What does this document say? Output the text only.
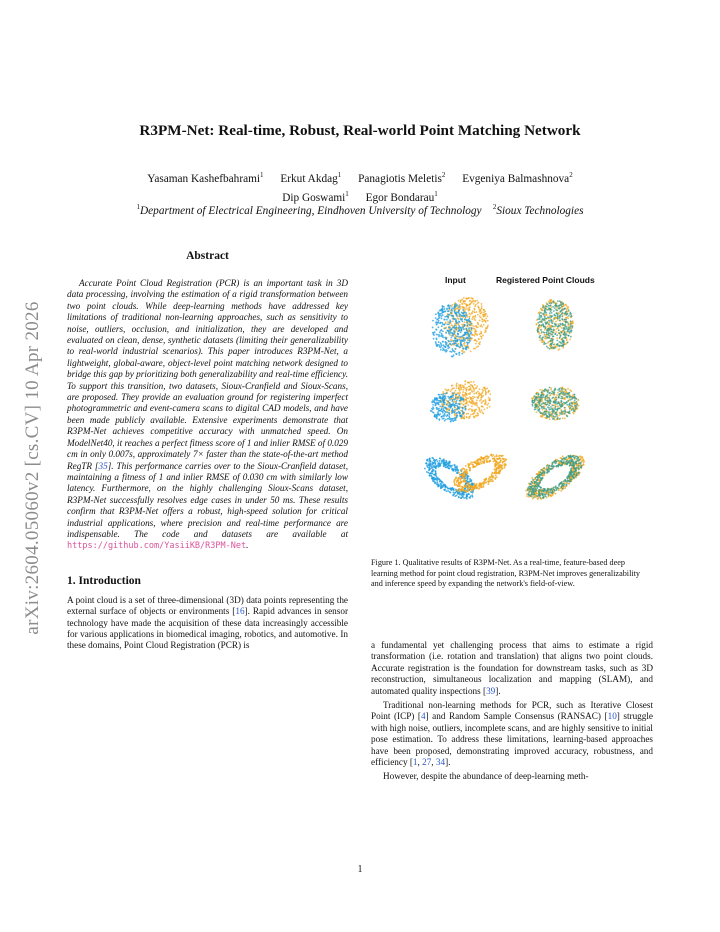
arXiv:2604.05060v2 [cs.CV] 10 Apr 2026
R3PM-Net: Real-time, Robust, Real-world Point Matching Network
Yasaman Kashefbahrami$^1$ Erkut Akdag$^1$ Panagiotis Meletis$^2$ Evgeniya Balmashnova$^2$
Dip Goswami$^1$ Egor Bondarau$^1$
$^1$Department of Electrical Engineering, Eindhoven University of Technology $^2$Sioux Technologies
Abstract

Accurate Point Cloud Registration (PCR) is an important task in 3D data processing, involving the estimation of a rigid transformation between two point clouds. While deep-learning methods have addressed key limitations of traditional non-learning approaches, such as sensitivity to noise, outliers, occlusion, and initialization, they are developed and evaluated on clean, dense, synthetic datasets (limiting their generalizability to real-world industrial scenarios). This paper introduces R3PM-Net, a lightweight, global-aware, object-level point matching network designed to bridge this gap by prioritizing both generalizability and real-time efficiency. To support this transition, two datasets, Sioux-Cranfield and Sioux-Scans, are proposed. They provide an evaluation ground for registering imperfect photogrammetric and event-camera scans to digital CAD models, and have been made publicly available. Extensive experiments demonstrate that R3PM-Net achieves competitive accuracy with unmatched speed. On ModelNet40, it reaches a perfect fitness score of 1 and inlier RMSE of 0.029 cm in only 0.007s, approximately 7× faster than the state-of-the-art method RegTR [35]. This performance carries over to the Sioux-Cranfield dataset, maintaining a fitness of 1 and inlier RMSE of 0.030 cm with similarly low latency. Furthermore, on the highly challenging Sioux-Scans dataset, R3PM-Net successfully resolves edge cases in under 50 ms. These results confirm that R3PM-Net offers a robust, high-speed solution for critical industrial applications, where precision and real-time performance are indispensable. The code and datasets are available at https://github.com/YasiiKB/R3PM-Net.

1. Introduction

A point cloud is a set of three-dimensional (3D) data points representing the external surface of objects or environments [16]. Rapid advances in sensor technology have made the acquisition of these data increasingly accessible for various applications in biomedical imaging, robotics, and automotive. In these domains, Point Cloud Registration (PCR) is

Input	Registered Point Clouds
Figure 1. Qualitative results of R3PM-Net. As a real-time, feature-based deep learning method for point cloud registration, R3PM-Net improves generalizability and inference speed by expanding the network's field-of-view.

a fundamental yet challenging process that aims to estimate a rigid transformation (i.e. rotation and translation) that aligns two point clouds. Accurate registration is the foundation for downstream tasks, such as 3D reconstruction, simultaneous localization and mapping (SLAM), and automated quality inspections [39].

Traditional non-learning methods for PCR, such as Iterative Closest Point (ICP) [4] and Random Sample Consensus (RANSAC) [10] struggle with high noise, outliers, incomplete scans, and are highly sensitive to initial pose estimation. To address these limitations, learning-based approaches have been proposed, demonstrating improved accuracy, robustness, and efficiency [1, 27, 34].

However, despite the abundance of deep-learning meth-

1
